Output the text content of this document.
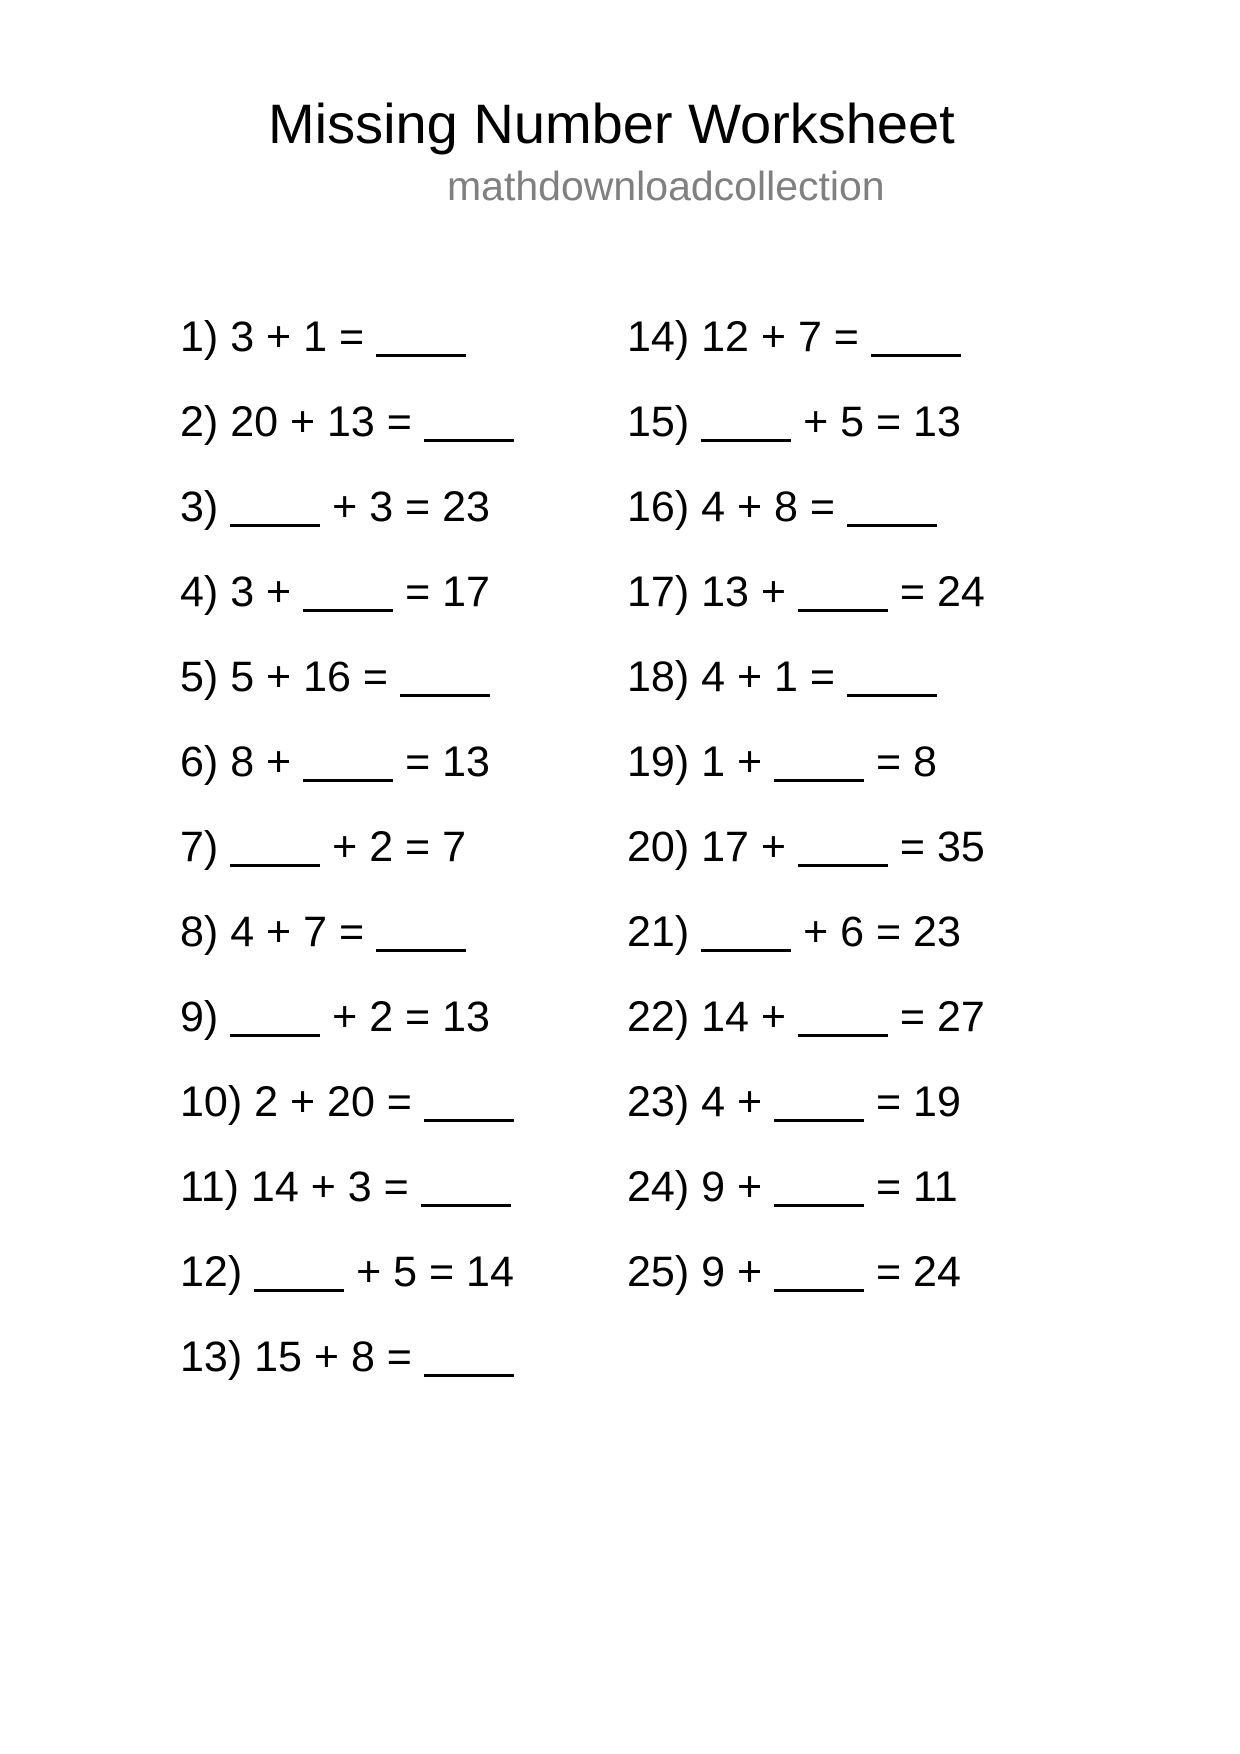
Missing Number Worksheet
mathdownloadcollection
1) 3 + 1 =
2) 20 + 13 =
3)	+ 3 = 23
4) 3 +	= 17
5) 5 + 16 =
6) 8 +	= 13
7)	+ 2 = 7
8) 4 + 7 =
9)	+ 2 = 13
10) 2 + 20 =
11) 14 + 3 =
12)	+ 5 = 14
13) 15 + 8 =
14) 12 + 7 =
15)	+ 5 = 13
16) 4 + 8 =
17) 13 +	= 24
18) 4 + 1 =
19) 1 +	= 8
20) 17 +	= 35
21)	+ 6 = 23
22) 14 +	= 27
23) 4 +	= 19
24) 9 +	= 11
25) 9 +	= 24
